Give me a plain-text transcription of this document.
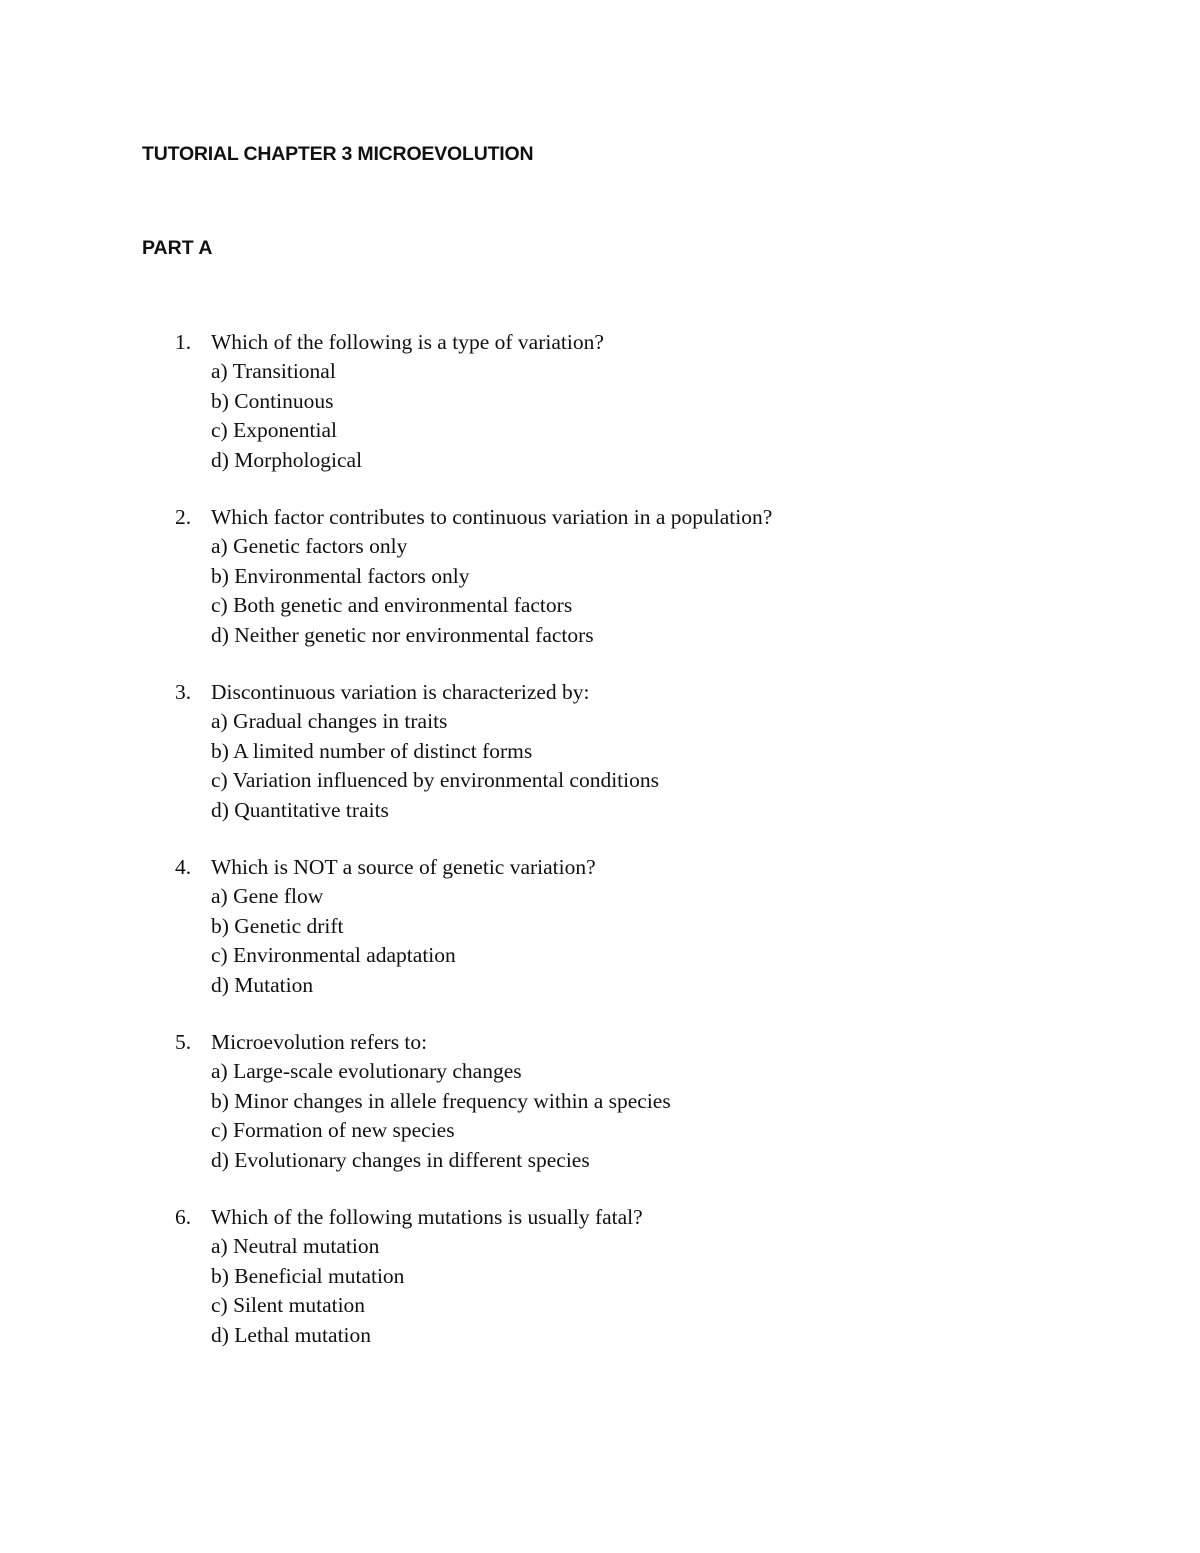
TUTORIAL CHAPTER 3 MICROEVOLUTION
PART A
1. Which of the following is a type of variation?
a) Transitional
b) Continuous
c) Exponential
d) Morphological
2. Which factor contributes to continuous variation in a population?
a) Genetic factors only
b) Environmental factors only
c) Both genetic and environmental factors
d) Neither genetic nor environmental factors
3. Discontinuous variation is characterized by:
a) Gradual changes in traits
b) A limited number of distinct forms
c) Variation influenced by environmental conditions
d) Quantitative traits
4. Which is NOT a source of genetic variation?
a) Gene flow
b) Genetic drift
c) Environmental adaptation
d) Mutation
5. Microevolution refers to:
a) Large-scale evolutionary changes
b) Minor changes in allele frequency within a species
c) Formation of new species
d) Evolutionary changes in different species
6. Which of the following mutations is usually fatal?
a) Neutral mutation
b) Beneficial mutation
c) Silent mutation
d) Lethal mutation
